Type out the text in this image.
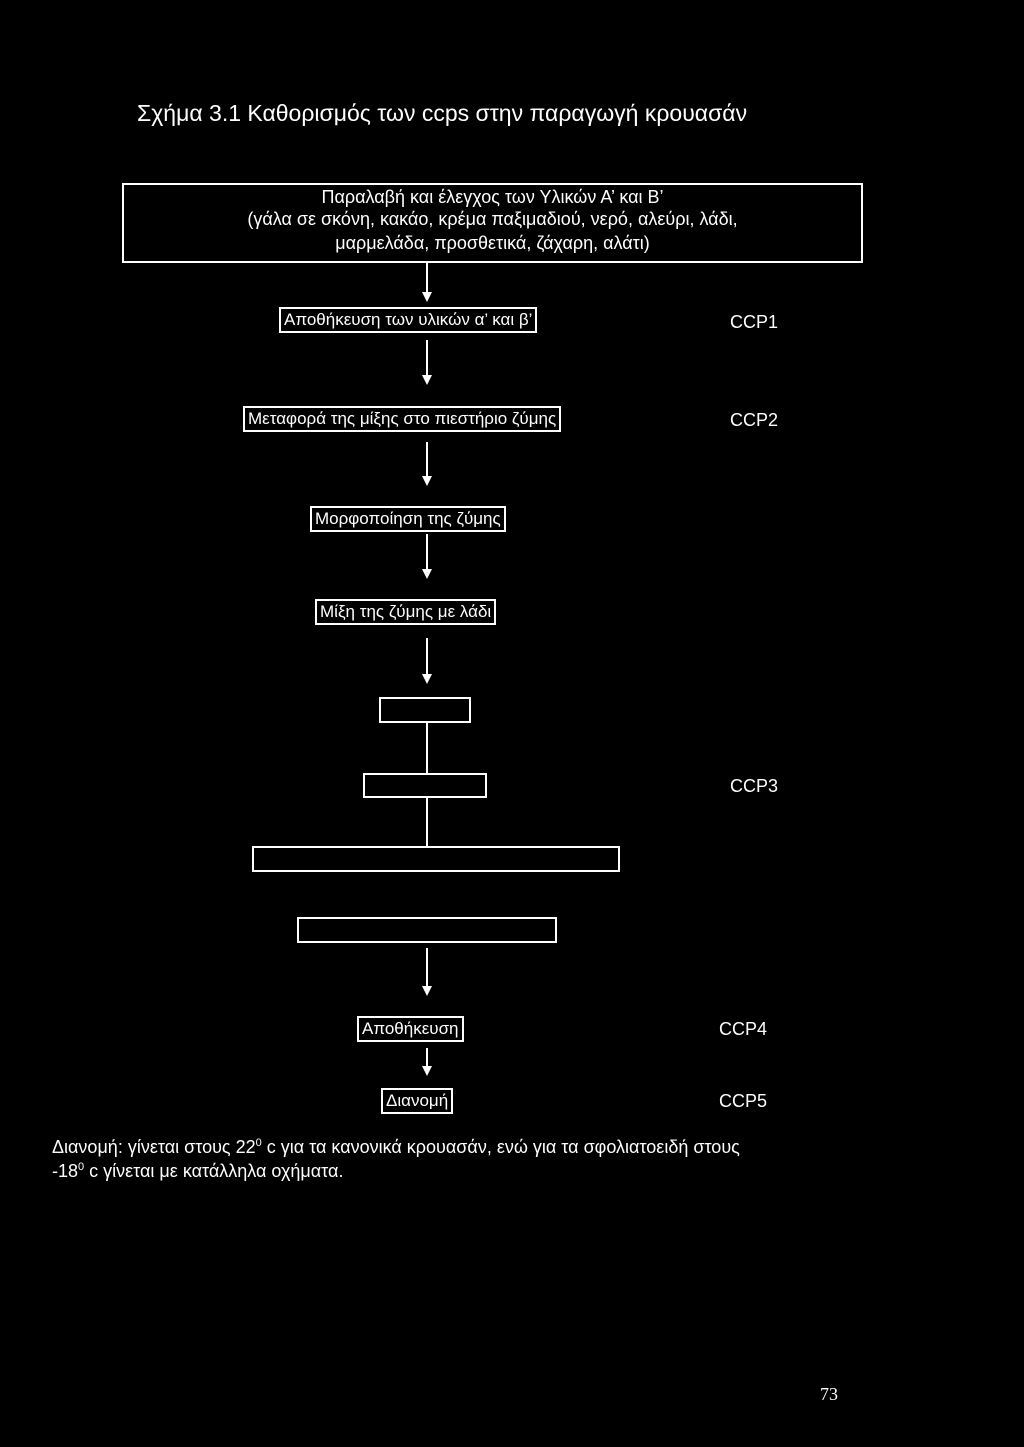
Σχήμα 3.1 Καθορισμός των ccps στην παραγωγή κρουασάν
Παραλαβή και έλεγχος των Υλικών Α’ και Β’
(γάλα σε σκόνη, κακάο, κρέμα παξιμαδιού, νερό, αλεύρι, λάδι,
μαρμελάδα, προσθετικά, ζάχαρη, αλάτι)
Αποθήκευση των υλικών α’ και β’	CCP1
Μεταφορά της μίξης στο πιεστήριο ζύμης	CCP2
Μορφοποίηση της ζύμης
Μίξη της ζύμης με λάδι
CCP3
Αποθήκευση	CCP4
Διανομή	CCP5
Διανομή: γίνεται στους $22^0$ c για τα κανονικά κρουασάν, ενώ για τα σφολιατοειδή στους
$-18^0$ c γίνεται με κατάλληλα οχήματα.
73
